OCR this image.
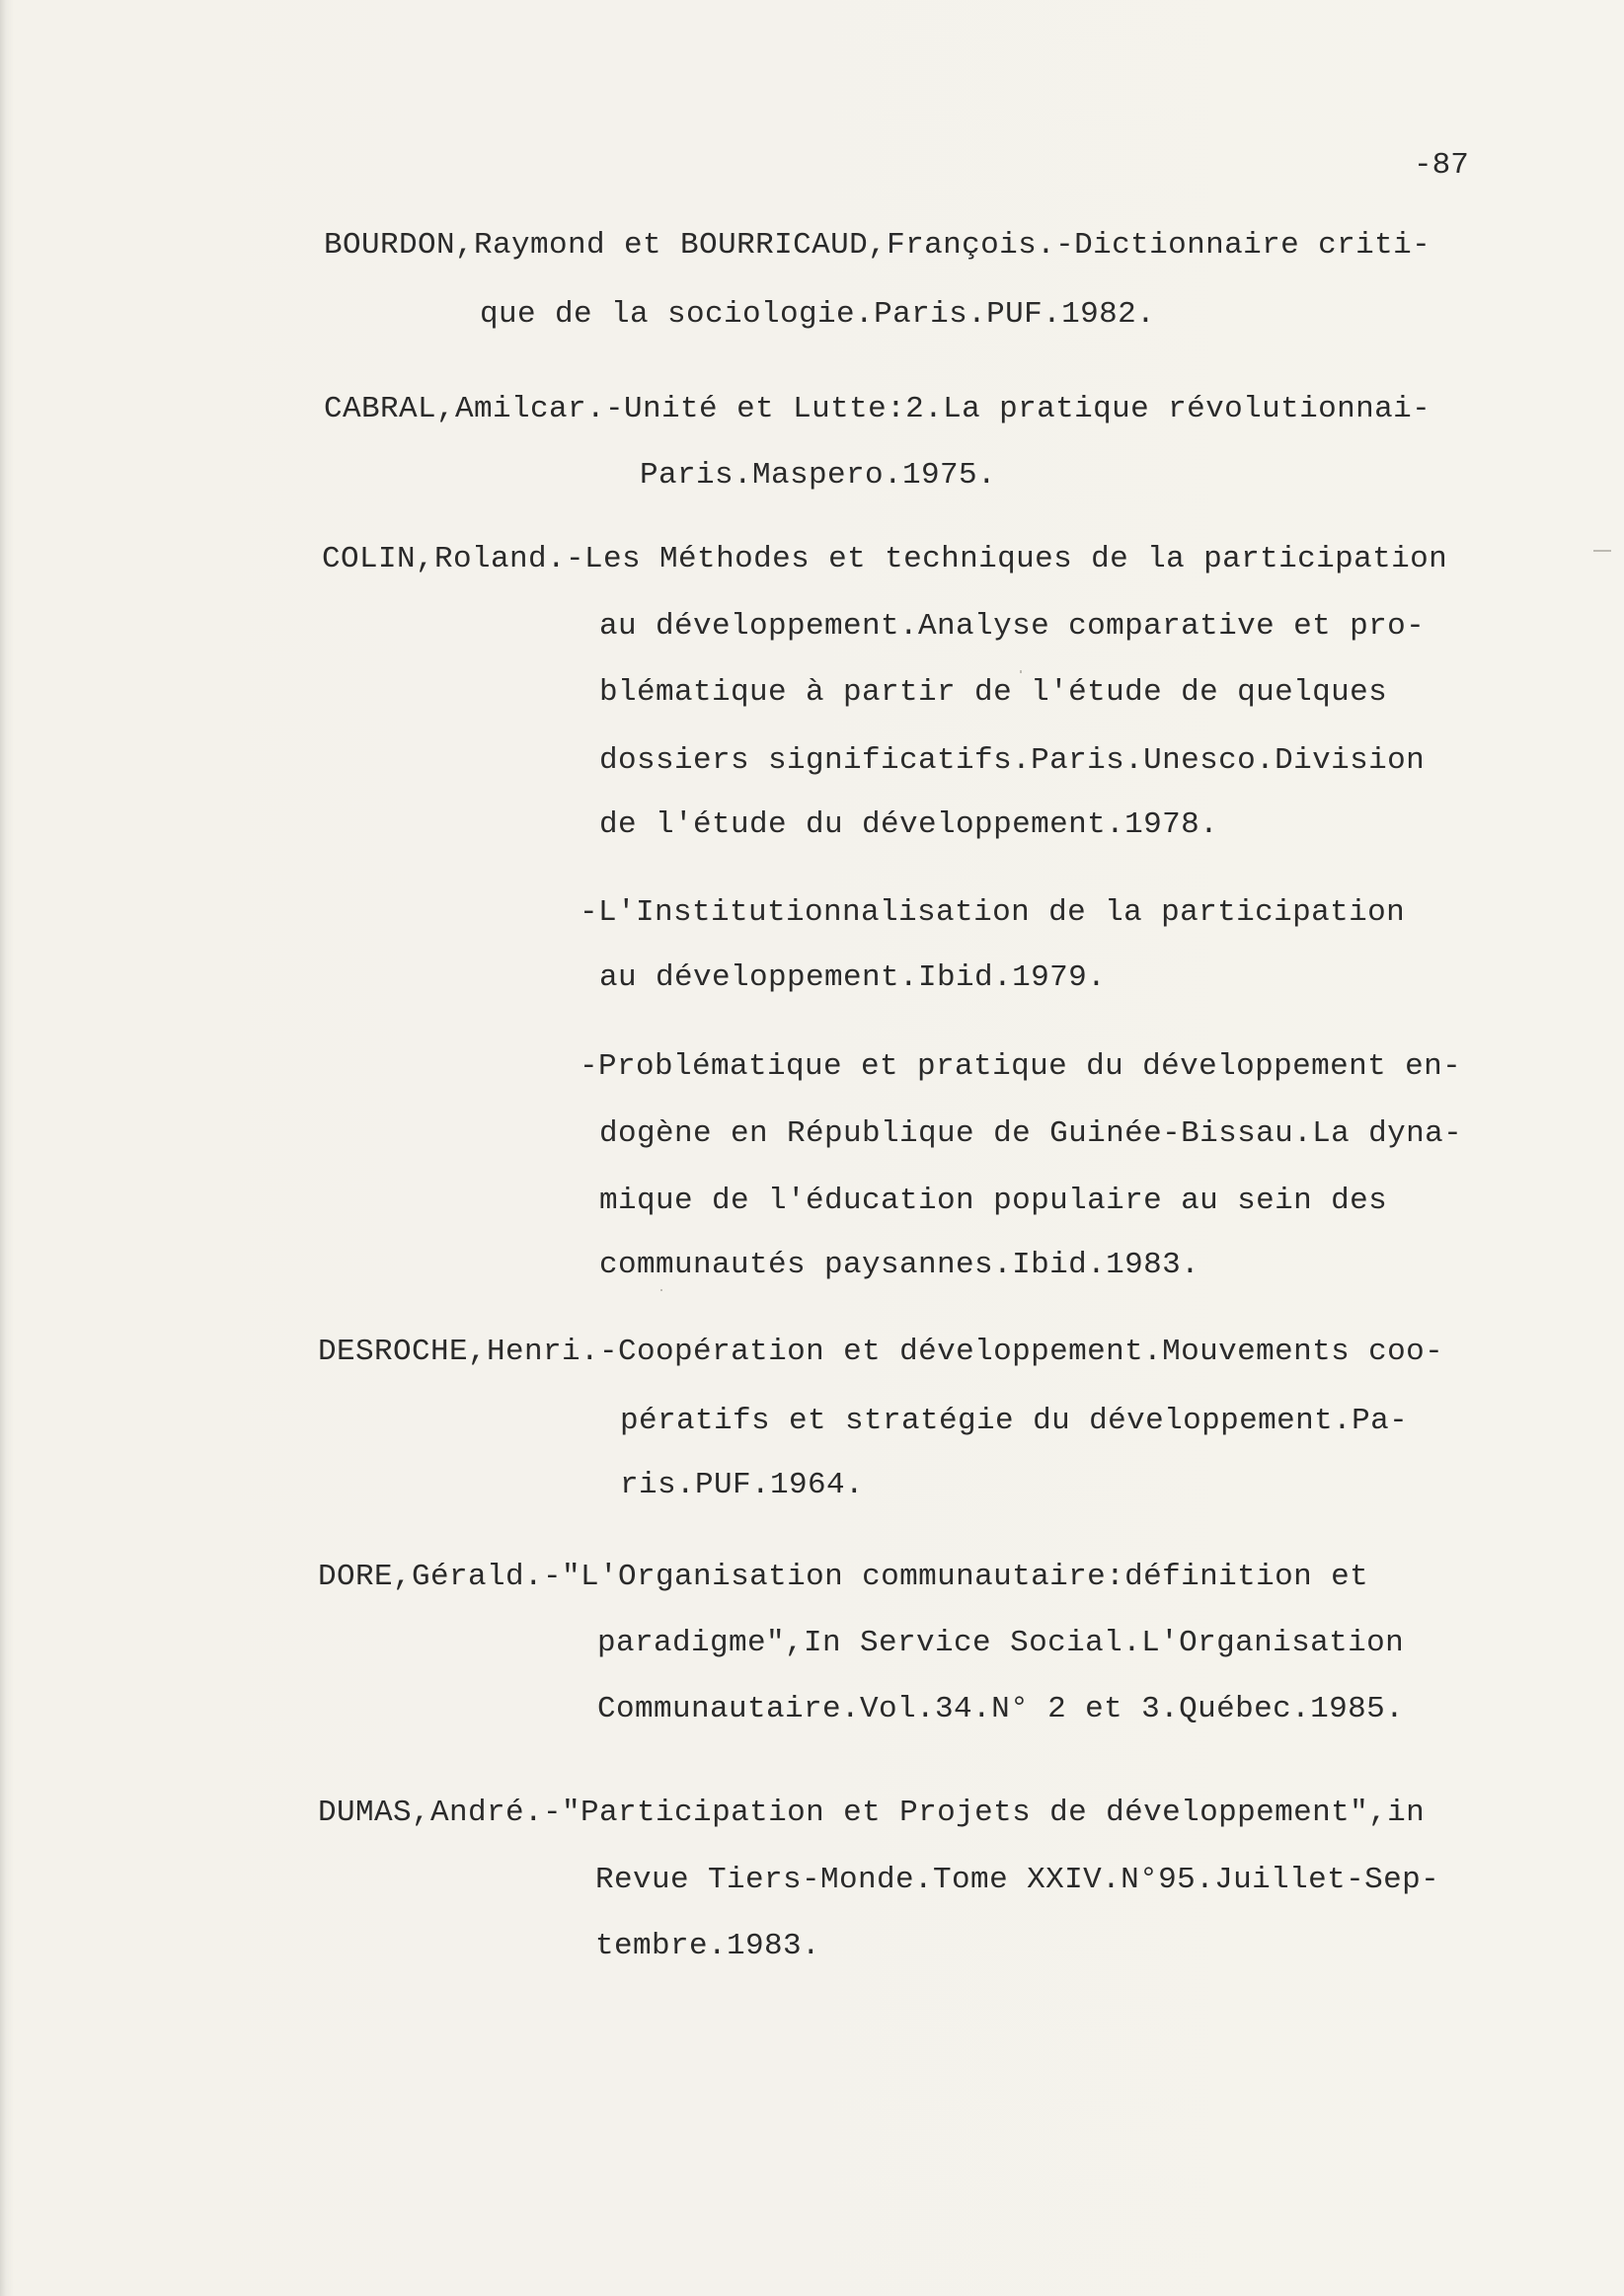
-87
BOURDON,Raymond et BOURRICAUD,François.-Dictionnaire criti-
que de la sociologie.Paris.PUF.1982.
CABRAL,Amilcar.-Unité et Lutte:2.La pratique révolutionnai-
Paris.Maspero.1975.
COLIN,Roland.-Les Méthodes et techniques de la participation
au développement.Analyse comparative et pro-
blématique à partir de l'étude de quelques
dossiers significatifs.Paris.Unesco.Division
de l'étude du développement.1978.
-L'Institutionnalisation de la participation
au développement.Ibid.1979.
-Problématique et pratique du développement en-
dogène en République de Guinée-Bissau.La dyna-
mique de l'éducation populaire au sein des
communautés paysannes.Ibid.1983.
DESROCHE,Henri.-Coopération et développement.Mouvements coo-
pératifs et stratégie du développement.Pa-
ris.PUF.1964.
DORE,Gérald.-"L'Organisation communautaire:définition et
paradigme",In Service Social.L'Organisation
Communautaire.Vol.34.N° 2 et 3.Québec.1985.
DUMAS,André.-"Participation et Projets de développement",in
Revue Tiers-Monde.Tome XXIV.N°95.Juillet-Sep-
tembre.1983.
